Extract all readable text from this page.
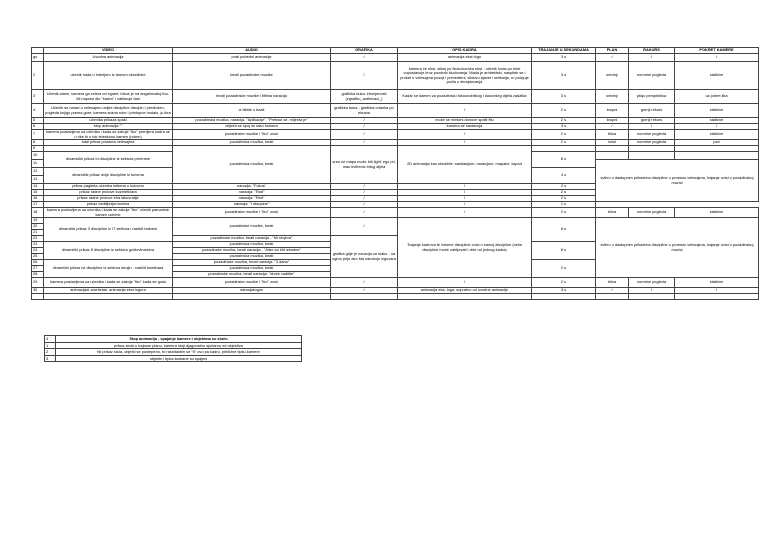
	VIDEO	AUDIO	GRAFIKA	OPIS KADRA	TRAJANJE U SEKUNDAMA	PLAN	RAKURS	POKRET KAMERE
go	Uvodna animacija	prati pobedni animacije	/	animacija ekst logo	3 s	/	/	/
2	učenik hada u interijeru iz tamom okrodinke	beati pozadinske muzike	/	kamera če ekst, slikej po Nukočochka ekst - učenik hoda po ekst vopostavuje kroz pozdrav školovanja. Mada je arhitektski, naspitek se i prošet u velesajma posoji i prevedteni, slidovo ajavet i sedtadja, ru poizjuje požla u ekrajdovanja	3 s	sredný	normine pogleda	statične
3	Učenik stane, kamera ga snima od zgrale; fokus je na angažovatoj licu. Mi napravi dio "kadra" i zatišnuje fast	beati pozadinske muzike i titlima naracija	grafička buka: žbunjenosti (zgrafiku_aotkrivaci_)	Kadar se kamen za pozadinsku fokusnobitkog i dokonšeg dijela zadatka	3 s	sredný	ptiqu perspektiva	uz potret lika
4	Učenik se nalazi u velesajmu uvijek discipline discipin i predložen, pogleda knjigu prema gore; kamera snima ruke i pristupne hodalu, ju ikra	iz titlate u baali	grafička buka - grafička crtanka po ekrana	/	2 s	krupni	gornji rekurs	statične
5	učenika prikaza spaki	pozadinska muzika, naracija, "Aplikacije", "Prebaci se, mijenta je"	/	može se nimkes donove spalti fitu	2 s	krupni	gornji rekurs	statične
6	stop animacija ""	objekti se spoj se tako kamera	/	kamera se sastavoja	3 s	/	/	/
7	kamera postavljena ua učenika i kada se zakuje "tko" prenijera kadra se u rike bi u tok teleskonu kamen (rotom)	pozadinske muzike i "tko" zvuk	/	/	2 s	bliza	normine pogleda	statične
8	total prikaz prostora velesajma	pozadinska muzika, beati	/	/	2 s	total	normine pogleda	pan
9		pozadinska muzika, beati	oreo će mapa može biti light' ego pri, mao kvitrenic bitog dijela	2D animacija kao skrobble: sanitasijom, naracijom, mapake, layout				
10	dinamičlki prikaz bi discipline iz sektora prehrane				8 s			
11						sviino u dastupnim prikazima discipline u prostaru velesajma, trajanje ovisi o pozadinskoj muzici		
12	dinamički prikaz dvije discipline iz turizma				4 s			
13								
14	prikaz pagleda učenika isrttena u kutovnu	naracija: "Fokus"	/	/	2 s			
15	prikaz radne prolove kozmetičara	naracija: "Rad"	/	/	2 s			
16	prikaz radne prolove eha lakovratije	naracija: "Red"	/	/	2 s			
17	prikaz vedtiljezjernosima	naracija: "I dtsopine"	/	/	1 s			
18	kamera postavljena ua učenika i kada se zakuje "tko" učenik pamariste kamen ucinine	pozadinske muzike i "tko" zvuk	/	/	2 s	bliza	normine pogleda	statične
19	dinamički prikaz 3 discipline iz IT sektora i različit bakresi	pozadinske muzike, beati	/	Trajanje kadrova te izrisme discipline ovisi o samoj discipline (neke discipline može zahtjevati i više od jednog kadra)	8 s	sviino u dastupnim prikazima discipline u prostaru velesajma, trajanje ovisi o pozadinskoj muzici		
20								
21								
22		pozadinske muzika, beati naracija - "Mi stvjeva"	grafika gdje je naracija za inako - na ngmo prije ako šta naudruje izgovara					
23	dinamički prikaz 8 discipline iz sektora grdževinarstva	pozadinska muzika, beati			8 s			
24		pozadinske muzika, beati naracija - "Alter ad štit izbedne"						
25		pozadinska muzika, beati						
26	dinamički prikaz tvi discipline iz sektora strojin - različit baekhara	pozadinske muzika, beati naracija: "3 dana"			2 s			
27		pozadinska muzika, beati						
28		pozadinske muzika, beati naracija: "druže vaditite"						
29	kamera postavljena ua učenika i kada se zakuje "tko" kada se guiai	pozadinske muzike i "tko" zvuk	/	/	2 s	bliza	normine pogleda	statične
30	animacijski završetak: animacija ekst logora	naracijalogon	/	animacija eka: loga, supratno od uvodne animacije	3 s	/	/	/

4	Stop animacija - spajanje kamere i objekima su sluču
1	prikaz stola u trajnom planu, kamera stoji djagonalno spolarno od objektiva
2	tšt prikaz stola, objekti se postepeno, tri rasnitaktim se "ti" ovo pa kadru, približne tipku kamere
3	objektn i tipka kadrane su spajeni
